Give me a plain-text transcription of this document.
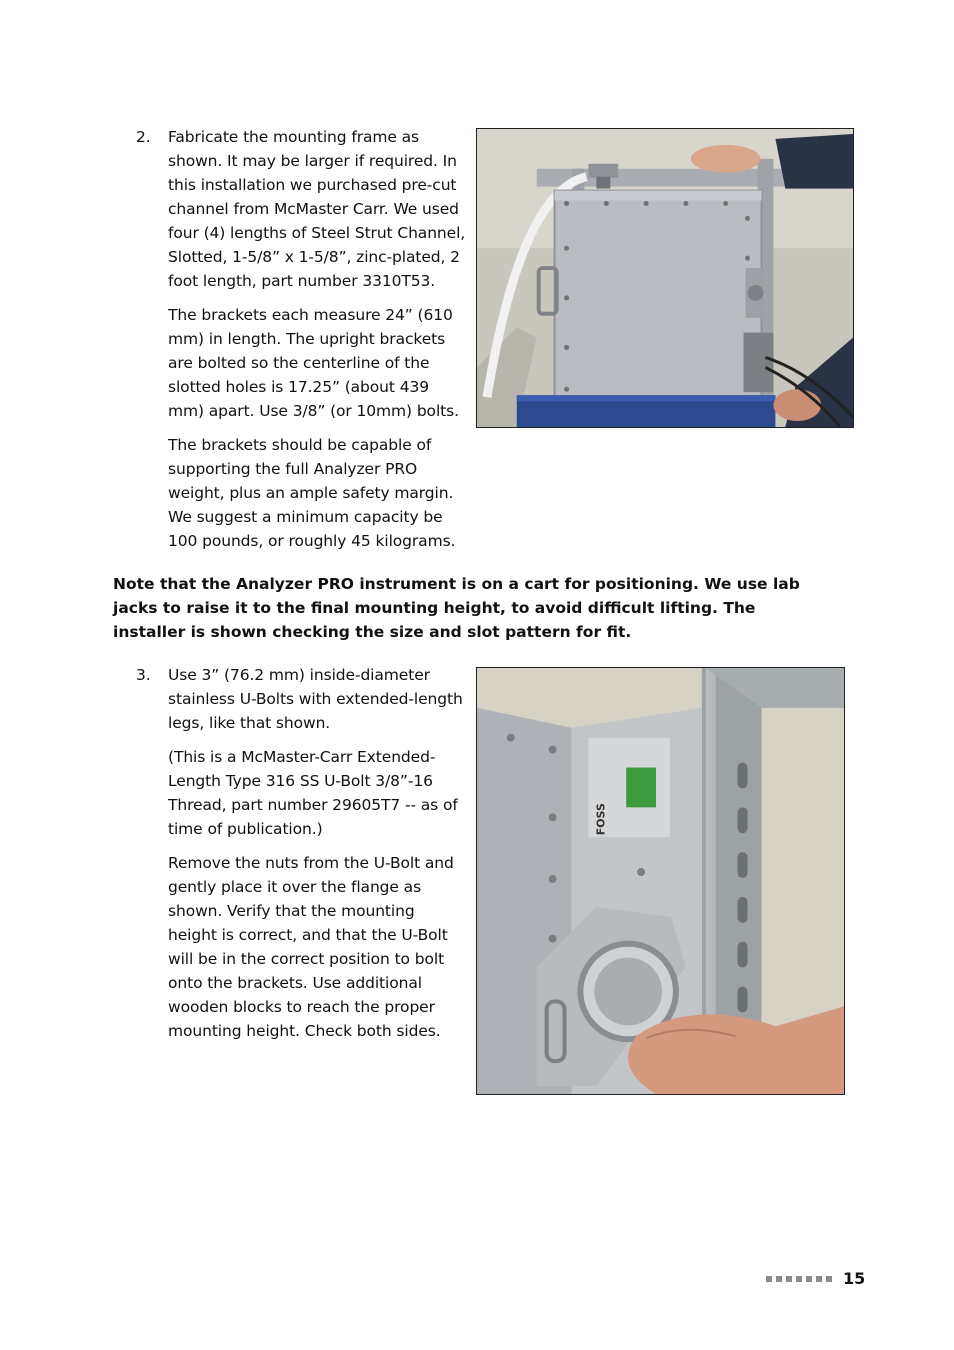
2. Fabricate the mounting frame as shown. It may be larger if required. In this installation we purchased pre-cut channel from McMaster Carr. We used four (4) lengths of Steel Strut Channel, Slotted, 1-5/8” x 1-5/8”, zinc-plated, 2 foot length, part number 3310T53.

The brackets each measure 24” (610 mm) in length. The upright brackets are bolted so the centerline of the slotted holes is 17.25” (about 439 mm) apart. Use 3/8” (or 10mm) bolts.

The brackets should be capable of supporting the full Analyzer PRO weight, plus an ample safety margin. We suggest a minimum capacity be 100 pounds, or roughly 45 kilograms.

Note that the Analyzer PRO instrument is on a cart for positioning. We use lab jacks to raise it to the final mounting height, to avoid difficult lifting. The installer is shown checking the size and slot pattern for fit.

3. Use 3” (76.2 mm) inside-diameter stainless U-Bolts with extended-length legs, like that shown.

(This is a McMaster-Carr Extended-Length Type 316 SS U-Bolt 3/8”-16 Thread, part number 29605T7 -- as of time of publication.)

Remove the nuts from the U-Bolt and gently place it over the flange as shown. Verify that the mounting height is correct, and that the U-Bolt will be in the correct position to bolt onto the brackets. Use additional wooden blocks to reach the proper mounting height. Check both sides.

FOSS
15
